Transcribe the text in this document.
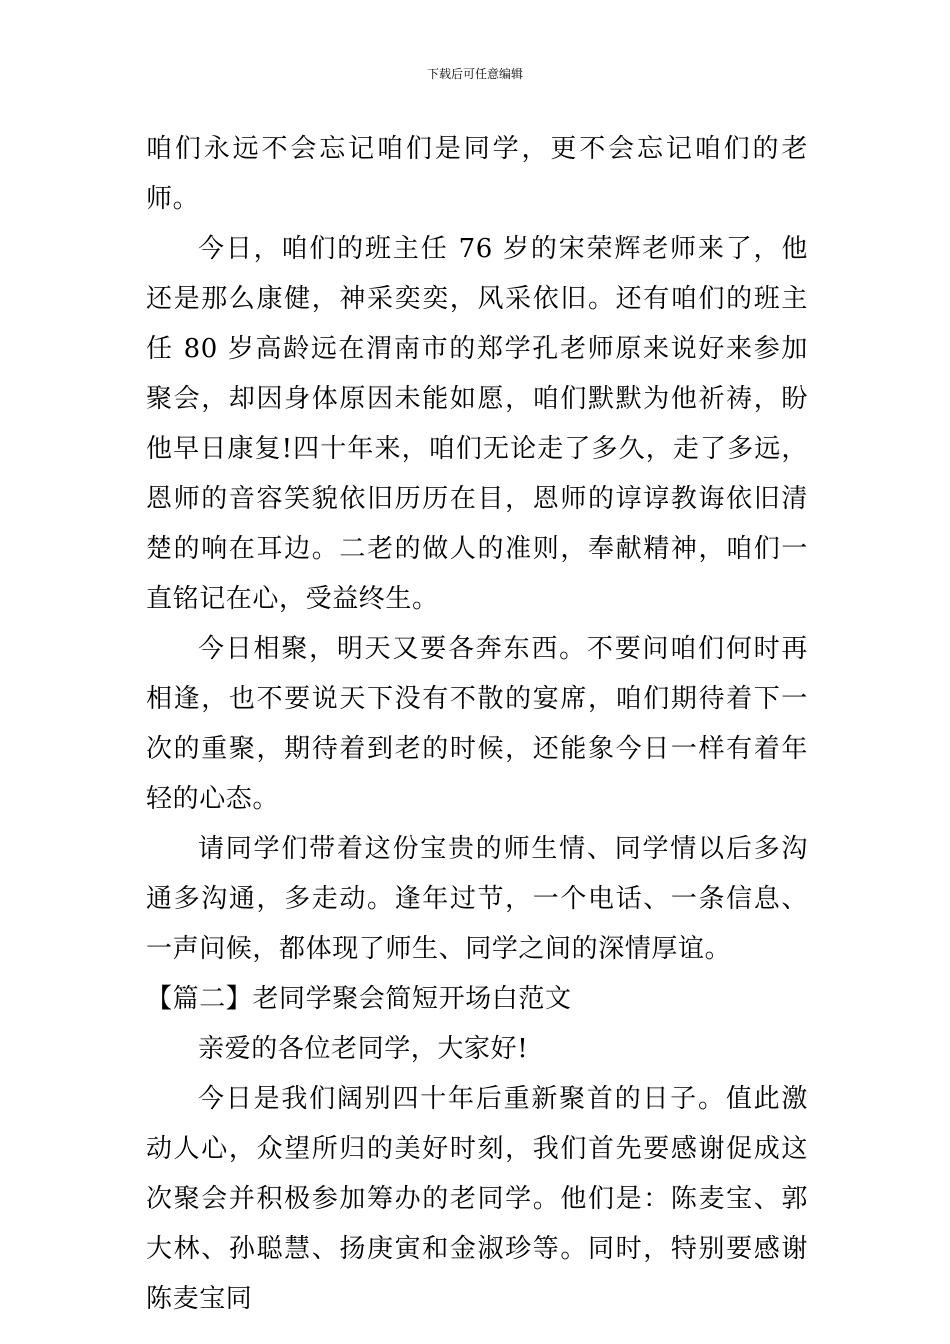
下载后可任意编辑

咱们永远不会忘记咱们是同学，更不会忘记咱们的老师。

今日，咱们的班主任 76 岁的宋荣辉老师来了，他还是那么康健，神采奕奕，风采依旧。还有咱们的班主任 80 岁高龄远在渭南市的郑学孔老师原来说好来参加聚会，却因身体原因未能如愿，咱们默默为他祈祷，盼他早日康复!四十年来，咱们无论走了多久，走了多远，恩师的音容笑貌依旧历历在目，恩师的谆谆教诲依旧清楚的响在耳边。二老的做人的准则，奉献精神，咱们一直铭记在心，受益终生。

今日相聚，明天又要各奔东西。不要问咱们何时再相逢，也不要说天下没有不散的宴席，咱们期待着下一次的重聚，期待着到老的时候，还能象今日一样有着年轻的心态。

请同学们带着这份宝贵的师生情、同学情以后多沟通多沟通，多走动。逢年过节，一个电话、一条信息、一声问候，都体现了师生、同学之间的深情厚谊。

【篇二】老同学聚会简短开场白范文

亲爱的各位老同学，大家好!

今日是我们阔别四十年后重新聚首的日子。值此激动人心，众望所归的美好时刻，我们首先要感谢促成这次聚会并积极参加筹办的老同学。他们是：陈麦宝、郭大林、孙聪慧、扬庚寅和金淑珍等。同时，特别要感谢陈麦宝同
